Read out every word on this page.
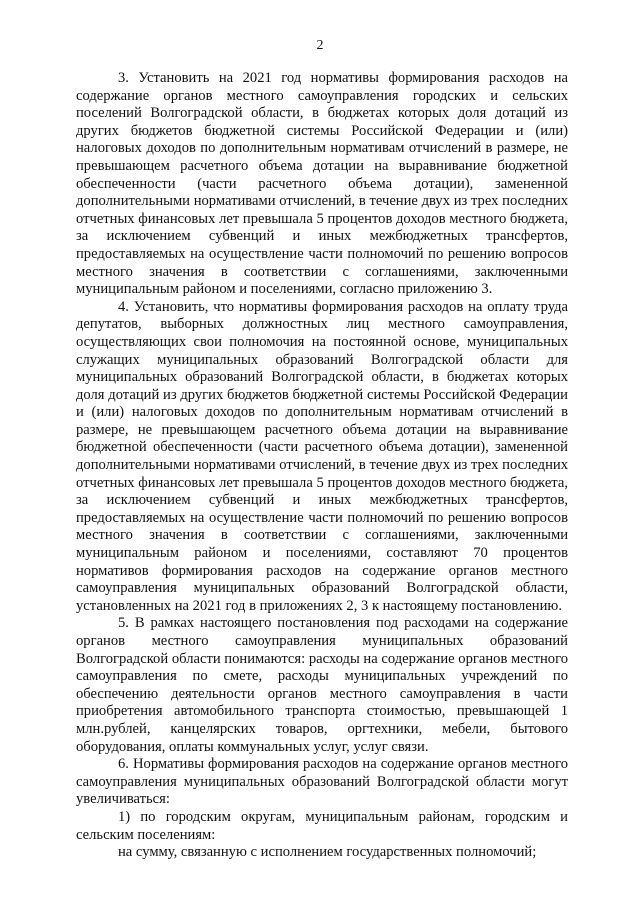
2

3. Установить на 2021 год нормативы формирования расходов на содержание органов местного самоуправления городских и сельских поселений Волгоградской области, в бюджетах которых доля дотаций из других бюджетов бюджетной системы Российской Федерации и (или) налоговых доходов по дополнительным нормативам отчислений в размере, не превышающем расчетного объема дотации на выравнивание бюджетной обеспеченности (части расчетного объема дотации), замененной дополнительными нормативами отчислений, в течение двух из трех последних отчетных финансовых лет превышала 5 процентов доходов местного бюджета, за исключением субвенций и иных межбюджетных трансфертов, предоставляемых на осуществление части полномочий по решению вопросов местного значения в соответствии с соглашениями, заключенными муниципальным районом и поселениями, согласно приложению 3.

4. Установить, что нормативы формирования расходов на оплату труда депутатов, выборных должностных лиц местного самоуправления, осуществляющих свои полномочия на постоянной основе, муниципальных служащих муниципальных образований Волгоградской области для муниципальных образований Волгоградской области, в бюджетах которых доля дотаций из других бюджетов бюджетной системы Российской Федерации и (или) налоговых доходов по дополнительным нормативам отчислений в размере, не превышающем расчетного объема дотации на выравнивание бюджетной обеспеченности (части расчетного объема дотации), замененной дополнительными нормативами отчислений, в течение двух из трех последних отчетных финансовых лет превышала 5 процентов доходов местного бюджета, за исключением субвенций и иных межбюджетных трансфертов, предоставляемых на осуществление части полномочий по решению вопросов местного значения в соответствии с соглашениями, заключенными муниципальным районом и поселениями, составляют 70 процентов нормативов формирования расходов на содержание органов местного самоуправления муниципальных образований Волгоградской области, установленных на 2021 год в приложениях 2, 3 к настоящему постановлению.

5. В рамках настоящего постановления под расходами на содержание органов местного самоуправления муниципальных образований Волгоградской области понимаются: расходы на содержание органов местного самоуправления по смете, расходы муниципальных учреждений по обеспечению деятельности органов местного самоуправления в части приобретения автомобильного транспорта стоимостью, превышающей 1 млн.рублей, канцелярских товаров, оргтехники, мебели, бытового оборудования, оплаты коммунальных услуг, услуг связи.

6. Нормативы формирования расходов на содержание органов местного самоуправления муниципальных образований Волгоградской области могут увеличиваться:

1) по городским округам, муниципальным районам, городским и сельским поселениям:

на сумму, связанную с исполнением государственных полномочий;
